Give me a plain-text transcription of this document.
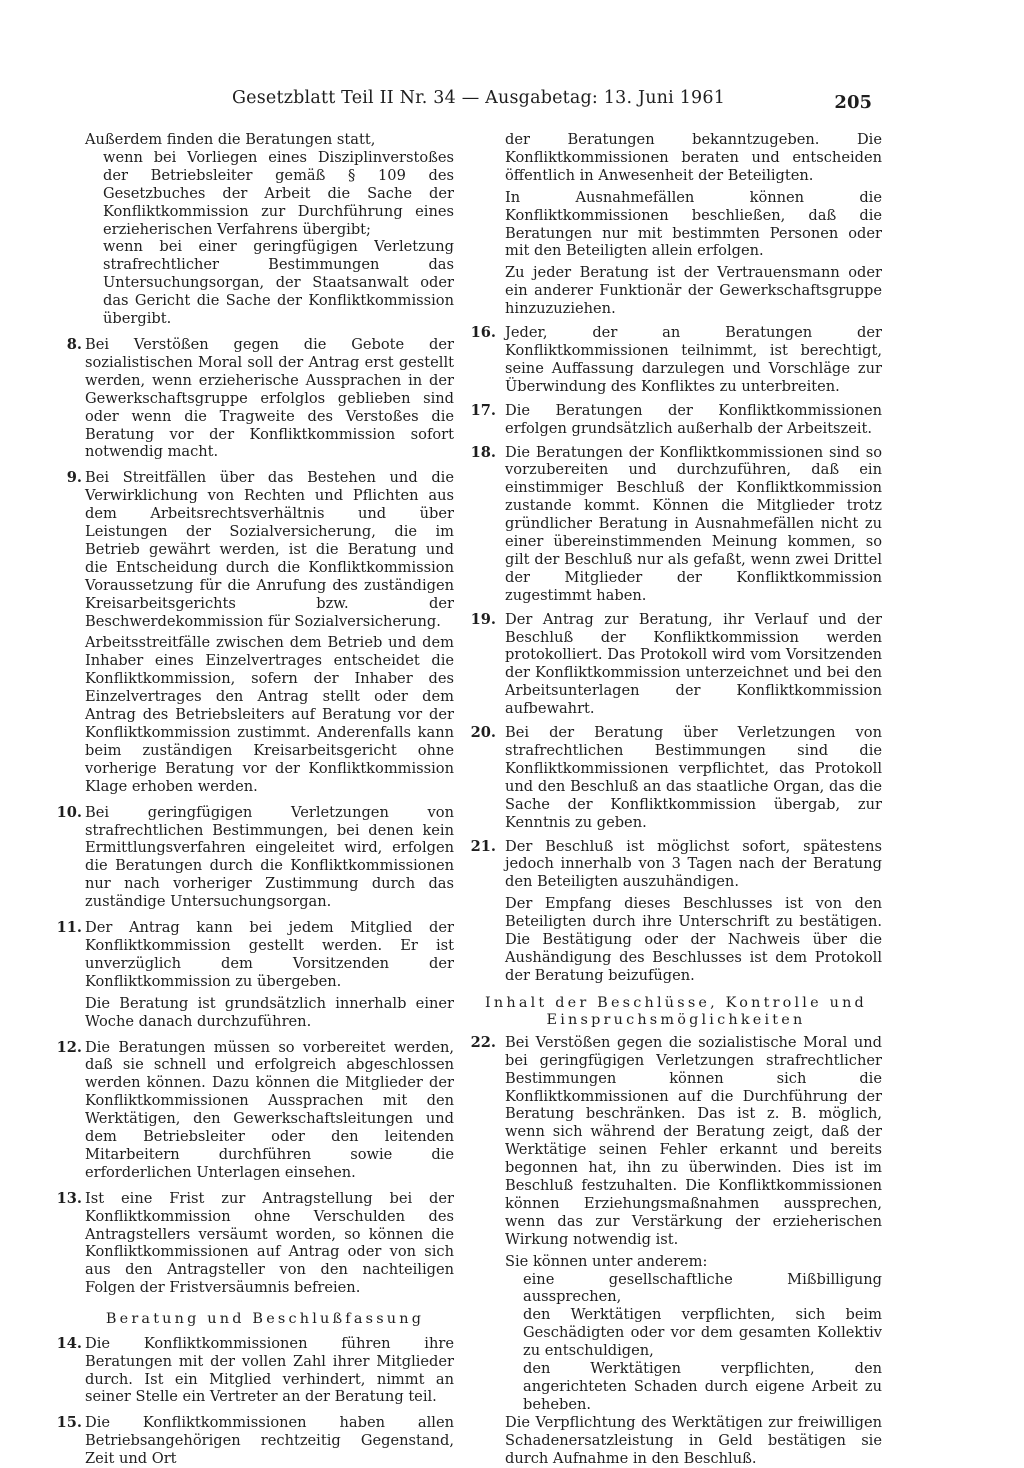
Gesetzblatt Teil II Nr. 34 — Ausgabetag: 13. Juni 1961	205

Außerdem finden die Beratungen statt,

wenn bei Vorliegen eines Disziplinverstoßes der Betriebsleiter gemäß § 109 des Gesetzbuches der Arbeit die Sache der Konfliktkommission zur Durchführung eines erzieherischen Verfahrens übergibt;

wenn bei einer geringfügigen Verletzung strafrechtlicher Bestimmungen das Untersuchungsorgan, der Staatsanwalt oder das Gericht die Sache der Konfliktkommission übergibt.

8. Bei Verstößen gegen die Gebote der sozialistischen Moral soll der Antrag erst gestellt werden, wenn erzieherische Aussprachen in der Gewerkschaftsgruppe erfolglos geblieben sind oder wenn die Tragweite des Verstoßes die Beratung vor der Konfliktkommission sofort notwendig macht.

9. Bei Streitfällen über das Bestehen und die Verwirklichung von Rechten und Pflichten aus dem Arbeitsrechtsverhältnis und über Leistungen der Sozialversicherung, die im Betrieb gewährt werden, ist die Beratung und die Entscheidung durch die Konfliktkommission Voraussetzung für die Anrufung des zuständigen Kreisarbeitsgerichts bzw. der Beschwerdekommission für Sozialversicherung.

Arbeitsstreitfälle zwischen dem Betrieb und dem Inhaber eines Einzelvertrages entscheidet die Konfliktkommission, sofern der Inhaber des Einzelvertrages den Antrag stellt oder dem Antrag des Betriebsleiters auf Beratung vor der Konfliktkommission zustimmt. Anderenfalls kann beim zuständigen Kreisarbeitsgericht ohne vorherige Beratung vor der Konfliktkommission Klage erhoben werden.

10. Bei geringfügigen Verletzungen von strafrechtlichen Bestimmungen, bei denen kein Ermittlungsverfahren eingeleitet wird, erfolgen die Beratungen durch die Konfliktkommissionen nur nach vorheriger Zustimmung durch das zuständige Untersuchungsorgan.

11. Der Antrag kann bei jedem Mitglied der Konfliktkommission gestellt werden. Er ist unverzüglich dem Vorsitzenden der Konfliktkommission zu übergeben.

Die Beratung ist grundsätzlich innerhalb einer Woche danach durchzuführen.

12. Die Beratungen müssen so vorbereitet werden, daß sie schnell und erfolgreich abgeschlossen werden können. Dazu können die Mitglieder der Konfliktkommissionen Aussprachen mit den Werktätigen, den Gewerkschaftsleitungen und dem Betriebsleiter oder den leitenden Mitarbeitern durchführen sowie die erforderlichen Unterlagen einsehen.

13. Ist eine Frist zur Antragstellung bei der Konfliktkommission ohne Verschulden des Antragstellers versäumt worden, so können die Konfliktkommissionen auf Antrag oder von sich aus den Antragsteller von den nachteiligen Folgen der Fristversäumnis befreien.

Beratung und Beschlußfassung
14. Die Konfliktkommissionen führen ihre Beratungen mit der vollen Zahl ihrer Mitglieder durch. Ist ein Mitglied verhindert, nimmt an seiner Stelle ein Vertreter an der Beratung teil.

15. Die Konfliktkommissionen haben allen Betriebsangehörigen rechtzeitig Gegenstand, Zeit und Ort

der Beratungen bekanntzugeben. Die Konfliktkommissionen beraten und entscheiden öffentlich in Anwesenheit der Beteiligten.

In Ausnahmefällen können die Konfliktkommissionen beschließen, daß die Beratungen nur mit bestimmten Personen oder mit den Beteiligten allein erfolgen.

Zu jeder Beratung ist der Vertrauensmann oder ein anderer Funktionär der Gewerkschaftsgruppe hinzuzuziehen.

16. Jeder, der an Beratungen der Konfliktkommissionen teilnimmt, ist berechtigt, seine Auffassung darzulegen und Vorschläge zur Überwindung des Konfliktes zu unterbreiten.

17. Die Beratungen der Konfliktkommissionen erfolgen grundsätzlich außerhalb der Arbeitszeit.

18. Die Beratungen der Konfliktkommissionen sind so vorzubereiten und durchzuführen, daß ein einstimmiger Beschluß der Konfliktkommission zustande kommt. Können die Mitglieder trotz gründlicher Beratung in Ausnahmefällen nicht zu einer übereinstimmenden Meinung kommen, so gilt der Beschluß nur als gefaßt, wenn zwei Drittel der Mitglieder der Konfliktkommission zugestimmt haben.

19. Der Antrag zur Beratung, ihr Verlauf und der Beschluß der Konfliktkommission werden protokolliert. Das Protokoll wird vom Vorsitzenden der Konfliktkommission unterzeichnet und bei den Arbeitsunterlagen der Konfliktkommission aufbewahrt.

20. Bei der Beratung über Verletzungen von strafrechtlichen Bestimmungen sind die Konfliktkommissionen verpflichtet, das Protokoll und den Beschluß an das staatliche Organ, das die Sache der Konfliktkommission übergab, zur Kenntnis zu geben.

21. Der Beschluß ist möglichst sofort, spätestens jedoch innerhalb von 3 Tagen nach der Beratung den Beteiligten auszuhändigen.

Der Empfang dieses Beschlusses ist von den Beteiligten durch ihre Unterschrift zu bestätigen. Die Bestätigung oder der Nachweis über die Aushändigung des Beschlusses ist dem Protokoll der Beratung beizufügen.

Inhalt der Beschlüsse, Kontrolle und
Einspruchsmöglichkeiten
22. Bei Verstößen gegen die sozialistische Moral und bei geringfügigen Verletzungen strafrechtlicher Bestimmungen können sich die Konfliktkommissionen auf die Durchführung der Beratung beschränken. Das ist z. B. möglich, wenn sich während der Beratung zeigt, daß der Werktätige seinen Fehler erkannt und bereits begonnen hat, ihn zu überwinden. Dies ist im Beschluß festzuhalten. Die Konfliktkommissionen können Erziehungsmaßnahmen aussprechen, wenn das zur Verstärkung der erzieherischen Wirkung notwendig ist.

Sie können unter anderem:

eine gesellschaftliche Mißbilligung aussprechen,

den Werktätigen verpflichten, sich beim Geschädigten oder vor dem gesamten Kollektiv zu entschuldigen,

den Werktätigen verpflichten, den angerichteten Schaden durch eigene Arbeit zu beheben.

Die Verpflichtung des Werktätigen zur freiwilligen Schadenersatzleistung in Geld bestätigen sie durch Aufnahme in den Beschluß.
